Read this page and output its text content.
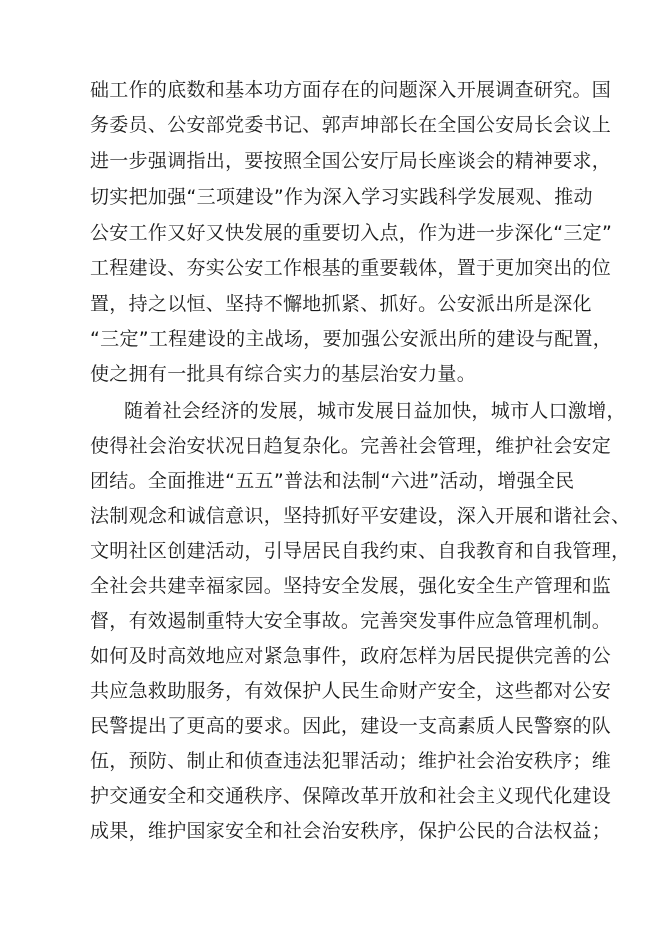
础工作的底数和基本功方面存在的问题深入开展调查研究。国

务委员、公安部党委书记、郭声坤部长在全国公安局长会议上

进一步强调指出，要按照全国公安厅局长座谈会的精神要求，

切实把加强“三项建设”作为深入学习实践科学发展观、推动

公安工作又好又快发展的重要切入点，作为进一步深化“三定”

工程建设、夯实公安工作根基的重要载体，置于更加突出的位

置，持之以恒、坚持不懈地抓紧、抓好。公安派出所是深化

“三定”工程建设的主战场，要加强公安派出所的建设与配置，

使之拥有一批具有综合实力的基层治安力量。

随着社会经济的发展，城市发展日益加快，城市人口激增，

使得社会治安状况日趋复杂化。完善社会管理，维护社会安定

团结。全面推进“五五”普法和法制“六进”活动，增强全民

法制观念和诚信意识，坚持抓好平安建设，深入开展和谐社会、

文明社区创建活动，引导居民自我约束、自我教育和自我管理，

全社会共建幸福家园。坚持安全发展，强化安全生产管理和监

督，有效遏制重特大安全事故。完善突发事件应急管理机制。

如何及时高效地应对紧急事件，政府怎样为居民提供完善的公

共应急救助服务，有效保护人民生命财产安全，这些都对公安

民警提出了更高的要求。因此，建设一支高素质人民警察的队

伍，预防、制止和侦查违法犯罪活动；维护社会治安秩序；维

护交通安全和交通秩序、保障改革开放和社会主义现代化建设

成果，维护国家安全和社会治安秩序，保护公民的合法权益；
